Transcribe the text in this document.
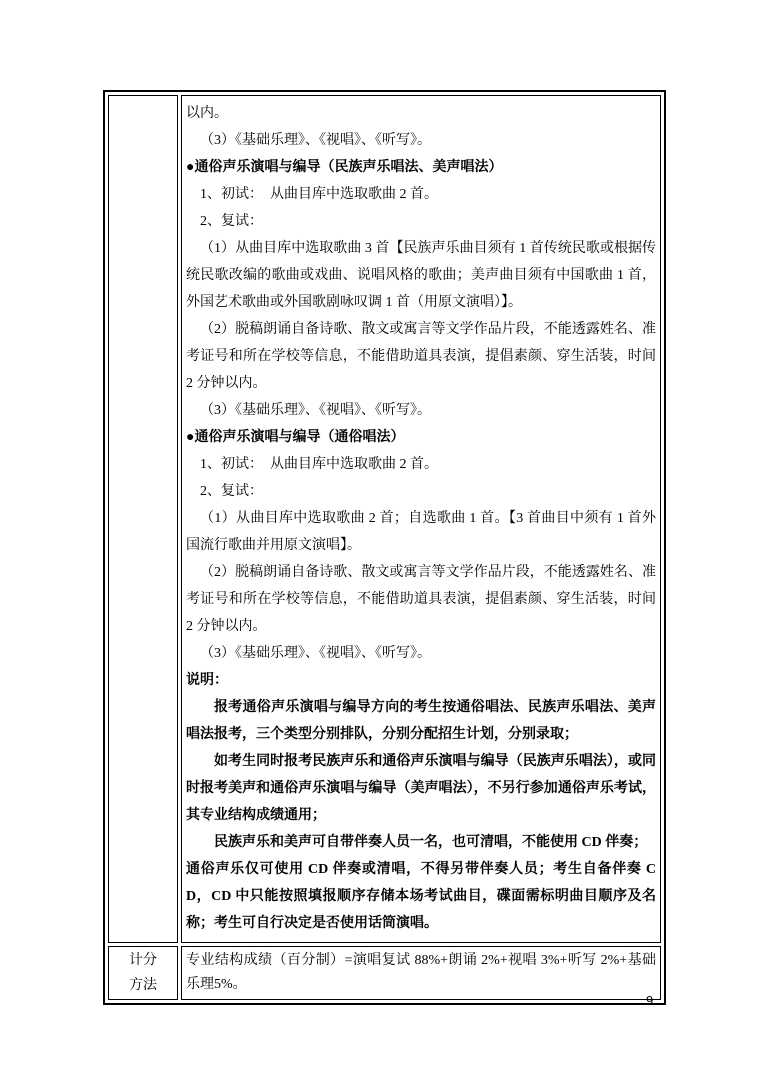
以内。

（3）《基础乐理》、《视唱》、《听写》。

●通俗声乐演唱与编导（民族声乐唱法、美声唱法）

1、初试：　从曲目库中选取歌曲 2 首。

2、复试：

（1）从曲目库中选取歌曲 3 首【民族声乐曲目须有 1 首传统民歌或根据传统民歌改编的歌曲或戏曲、说唱风格的歌曲；美声曲目须有中国歌曲 1 首，外国艺术歌曲或外国歌剧咏叹调 1 首（用原文演唱）】。

（2）脱稿朗诵自备诗歌、散文或寓言等文学作品片段，不能透露姓名、准考证号和所在学校等信息，不能借助道具表演，提倡素颜、穿生活装，时间 2 分钟以内。

（3）《基础乐理》、《视唱》、《听写》。

●通俗声乐演唱与编导（通俗唱法）

1、初试：　从曲目库中选取歌曲 2 首。

2、复试：

（1）从曲目库中选取歌曲 2 首；自选歌曲 1 首。【3 首曲目中须有 1 首外国流行歌曲并用原文演唱】。

（2）脱稿朗诵自备诗歌、散文或寓言等文学作品片段，不能透露姓名、准考证号和所在学校等信息，不能借助道具表演，提倡素颜、穿生活装，时间 2 分钟以内。

（3）《基础乐理》、《视唱》、《听写》。

说明：

报考通俗声乐演唱与编导方向的考生按通俗唱法、民族声乐唱法、美声唱法报考，三个类型分别排队，分别分配招生计划，分别录取；

如考生同时报考民族声乐和通俗声乐演唱与编导（民族声乐唱法），或同时报考美声和通俗声乐演唱与编导（美声唱法），不另行参加通俗声乐考试，其专业结构成绩通用；

民族声乐和美声可自带伴奏人员一名，也可清唱，不能使用 CD 伴奏；

通俗声乐仅可使用 CD 伴奏或清唱，不得另带伴奏人员；考生自备伴奏 CD，CD 中只能按照填报顺序存储本场考试曲目，碟面需标明曲目顺序及名称；考生可自行决定是否使用话筒演唱。

计分
方法	专业结构成绩（百分制）=演唱复试 88%+朗诵 2%+视唱 3%+听写 2%+基础乐理5%。

9
